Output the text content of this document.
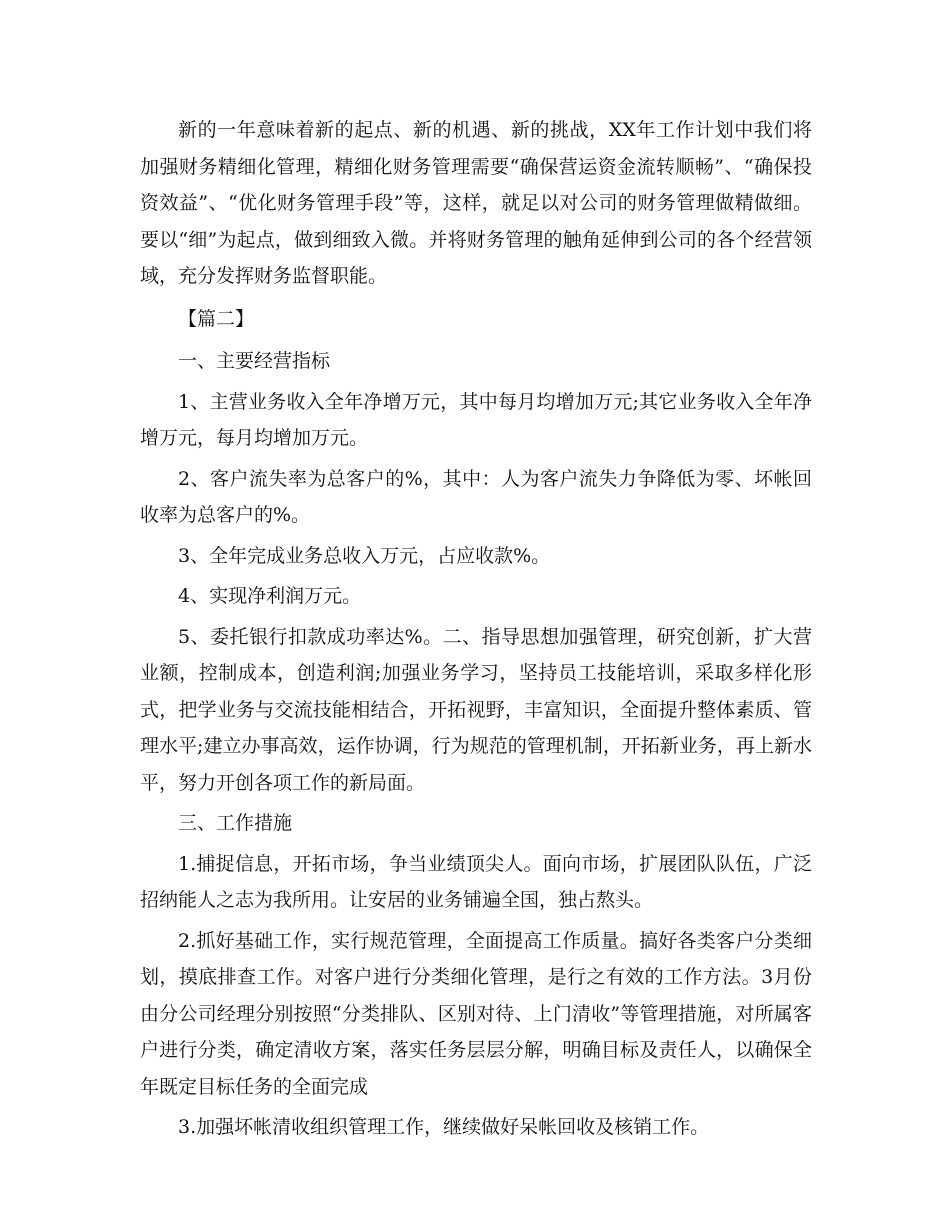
新的一年意味着新的起点、新的机遇、新的挑战，XX年工作计划中我们将加强财务精细化管理，精细化财务管理需要“确保营运资金流转顺畅”、“确保投资效益”、“优化财务管理手段”等，这样，就足以对公司的财务管理做精做细。要以“细”为起点，做到细致入微。并将财务管理的触角延伸到公司的各个经营领域，充分发挥财务监督职能。

【篇二】

一、主要经营指标

1、主营业务收入全年净增万元，其中每月均增加万元;其它业务收入全年净增万元，每月均增加万元。

2、客户流失率为总客户的%，其中：人为客户流失力争降低为零、坏帐回收率为总客户的%。

3、全年完成业务总收入万元，占应收款%。

4、实现净利润万元。

5、委托银行扣款成功率达%。二、指导思想加强管理，研究创新，扩大营业额，控制成本，创造利润;加强业务学习，坚持员工技能培训，采取多样化形式，把学业务与交流技能相结合，开拓视野，丰富知识，全面提升整体素质、管理水平;建立办事高效，运作协调，行为规范的管理机制，开拓新业务，再上新水平，努力开创各项工作的新局面。

三、工作措施

1.捕捉信息，开拓市场，争当业绩顶尖人。面向市场，扩展团队队伍，广泛招纳能人之志为我所用。让安居的业务铺遍全国，独占熬头。

2.抓好基础工作，实行规范管理，全面提高工作质量。搞好各类客户分类细划，摸底排查工作。对客户进行分类细化管理，是行之有效的工作方法。3月份由分公司经理分别按照“分类排队、区别对待、上门清收”等管理措施，对所属客户进行分类，确定清收方案，落实任务层层分解，明确目标及责任人，以确保全年既定目标任务的全面完成

3.加强坏帐清收组织管理工作，继续做好呆帐回收及核销工作。
